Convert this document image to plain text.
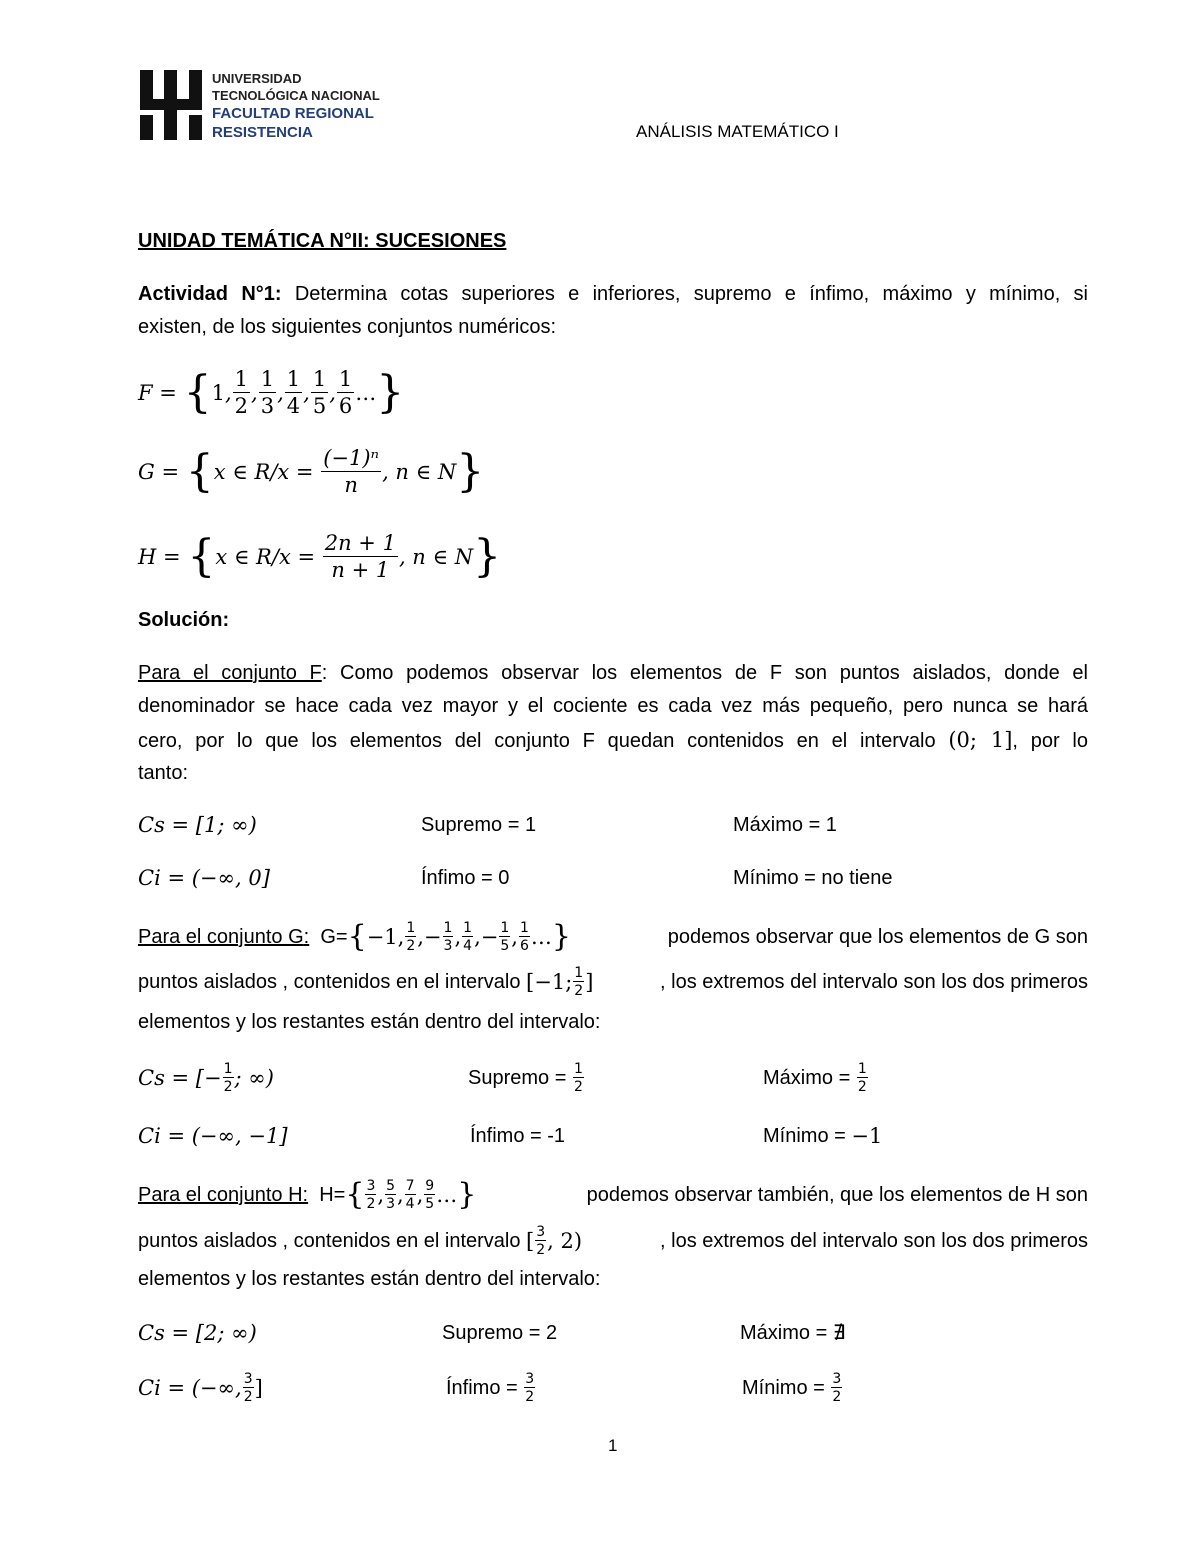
UNIVERSIDAD
TECNOLÓGICA NACIONAL
FACULTAD REGIONAL
RESISTENCIA	ANÁLISIS MATEMÁTICO I
UNIDAD TEMÁTICA N°II: SUCESIONES
Actividad N°1: Determina cotas superiores e inferiores, supremo e ínfimo, máximo y mínimo, si
existen, de los siguientes conjuntos numéricos:
F
=
{ 1 , $\frac{1}{2}$ , $\frac{1}{3}$ , $\frac{1}{4}$ , $\frac{1}{5}$ , $\frac{1}{6}$ … }
G
=
{ x ∈ R/x =
$\frac{\text{(−1)ⁿ}}{n}$ , n ∈ N }
H
=
{ x ∈ R/x =
$\frac{2n + 1}{n + 1}$ , n ∈ N }
Solución:
Para el conjunto F: Como podemos observar los elementos de F son puntos aislados, donde el
denominador se hace cada vez mayor y el cociente es cada vez más pequeño, pero nunca se hará
cero, por lo que los elementos del conjunto F quedan contenidos en el intervalo (0; 1], por lo
tanto:
Cs = [1; ∞)	Supremo = 1	Máximo = 1
Ci = (−∞, 0]	Ínfimo = 0	Mínimo = no tiene
Para el conjunto G :
G= { −1, 1
2 ,− $\frac{1}{3}$ , 1
4 ,− $\frac{1}{5}$ , 1
6 … }	podemos observar que los elementos de G son
puntos aislados , contenidos en el intervalo
[−1; 1
2 ]	, los extremos del intervalo son los dos primeros
elementos y los restantes están dentro del intervalo:
Cs = [− $\frac{1}{2}$ ; ∞)	Supremo =
$\frac{1}{2}$	Máximo =
$\frac{1}{2}$
Ci = (−∞, −1]	Ínfimo = -1	Mínimo =
−1
Para el conjunto H :
H= { 3
2 , 5
3 , 7
4 , 9
5 … }	podemos observar también, que los elementos de H son
puntos aislados , contenidos en el intervalo
[ 3
2 , 2)	, los extremos del intervalo son los dos primeros
elementos y los restantes están dentro del intervalo:
Cs = [2; ∞)	Supremo = 2	Máximo = ∄
Ci = (−∞, 3
2 ]	Ínfimo =
$\frac{3}{2}$	Mínimo =
$\frac{3}{2}$
1
